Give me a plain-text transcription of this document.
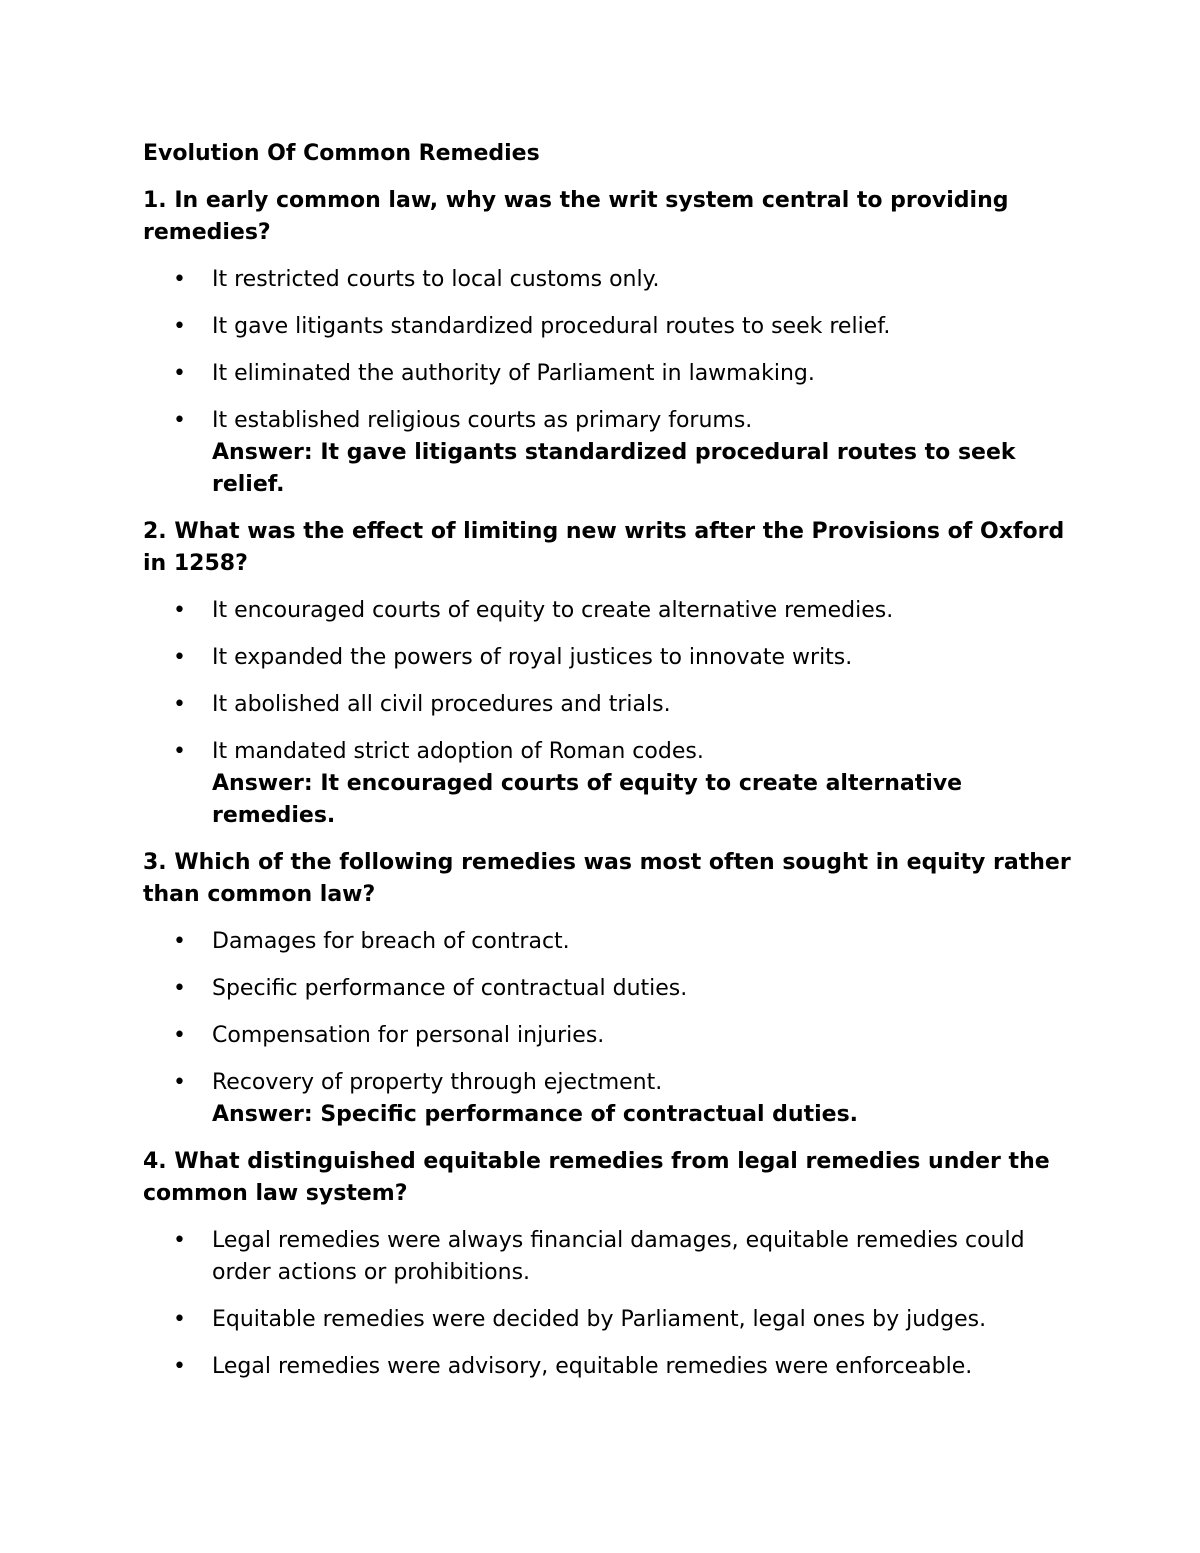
Evolution Of Common Remedies
1. In early common law, why was the writ system central to providing remedies?
• It restricted courts to local customs only.
• It gave litigants standardized procedural routes to seek relief.
• It eliminated the authority of Parliament in lawmaking.
• It established religious courts as primary forums.
Answer: It gave litigants standardized procedural routes to seek relief.
2. What was the effect of limiting new writs after the Provisions of Oxford in 1258?
• It encouraged courts of equity to create alternative remedies.
• It expanded the powers of royal justices to innovate writs.
• It abolished all civil procedures and trials.
• It mandated strict adoption of Roman codes.
Answer: It encouraged courts of equity to create alternative remedies.
3. Which of the following remedies was most often sought in equity rather than common law?
• Damages for breach of contract.
• Specific performance of contractual duties.
• Compensation for personal injuries.
• Recovery of property through ejectment.
Answer: Specific performance of contractual duties.
4. What distinguished equitable remedies from legal remedies under the common law system?
• Legal remedies were always financial damages, equitable remedies could order actions or prohibitions.
• Equitable remedies were decided by Parliament, legal ones by judges.
• Legal remedies were advisory, equitable remedies were enforceable.
